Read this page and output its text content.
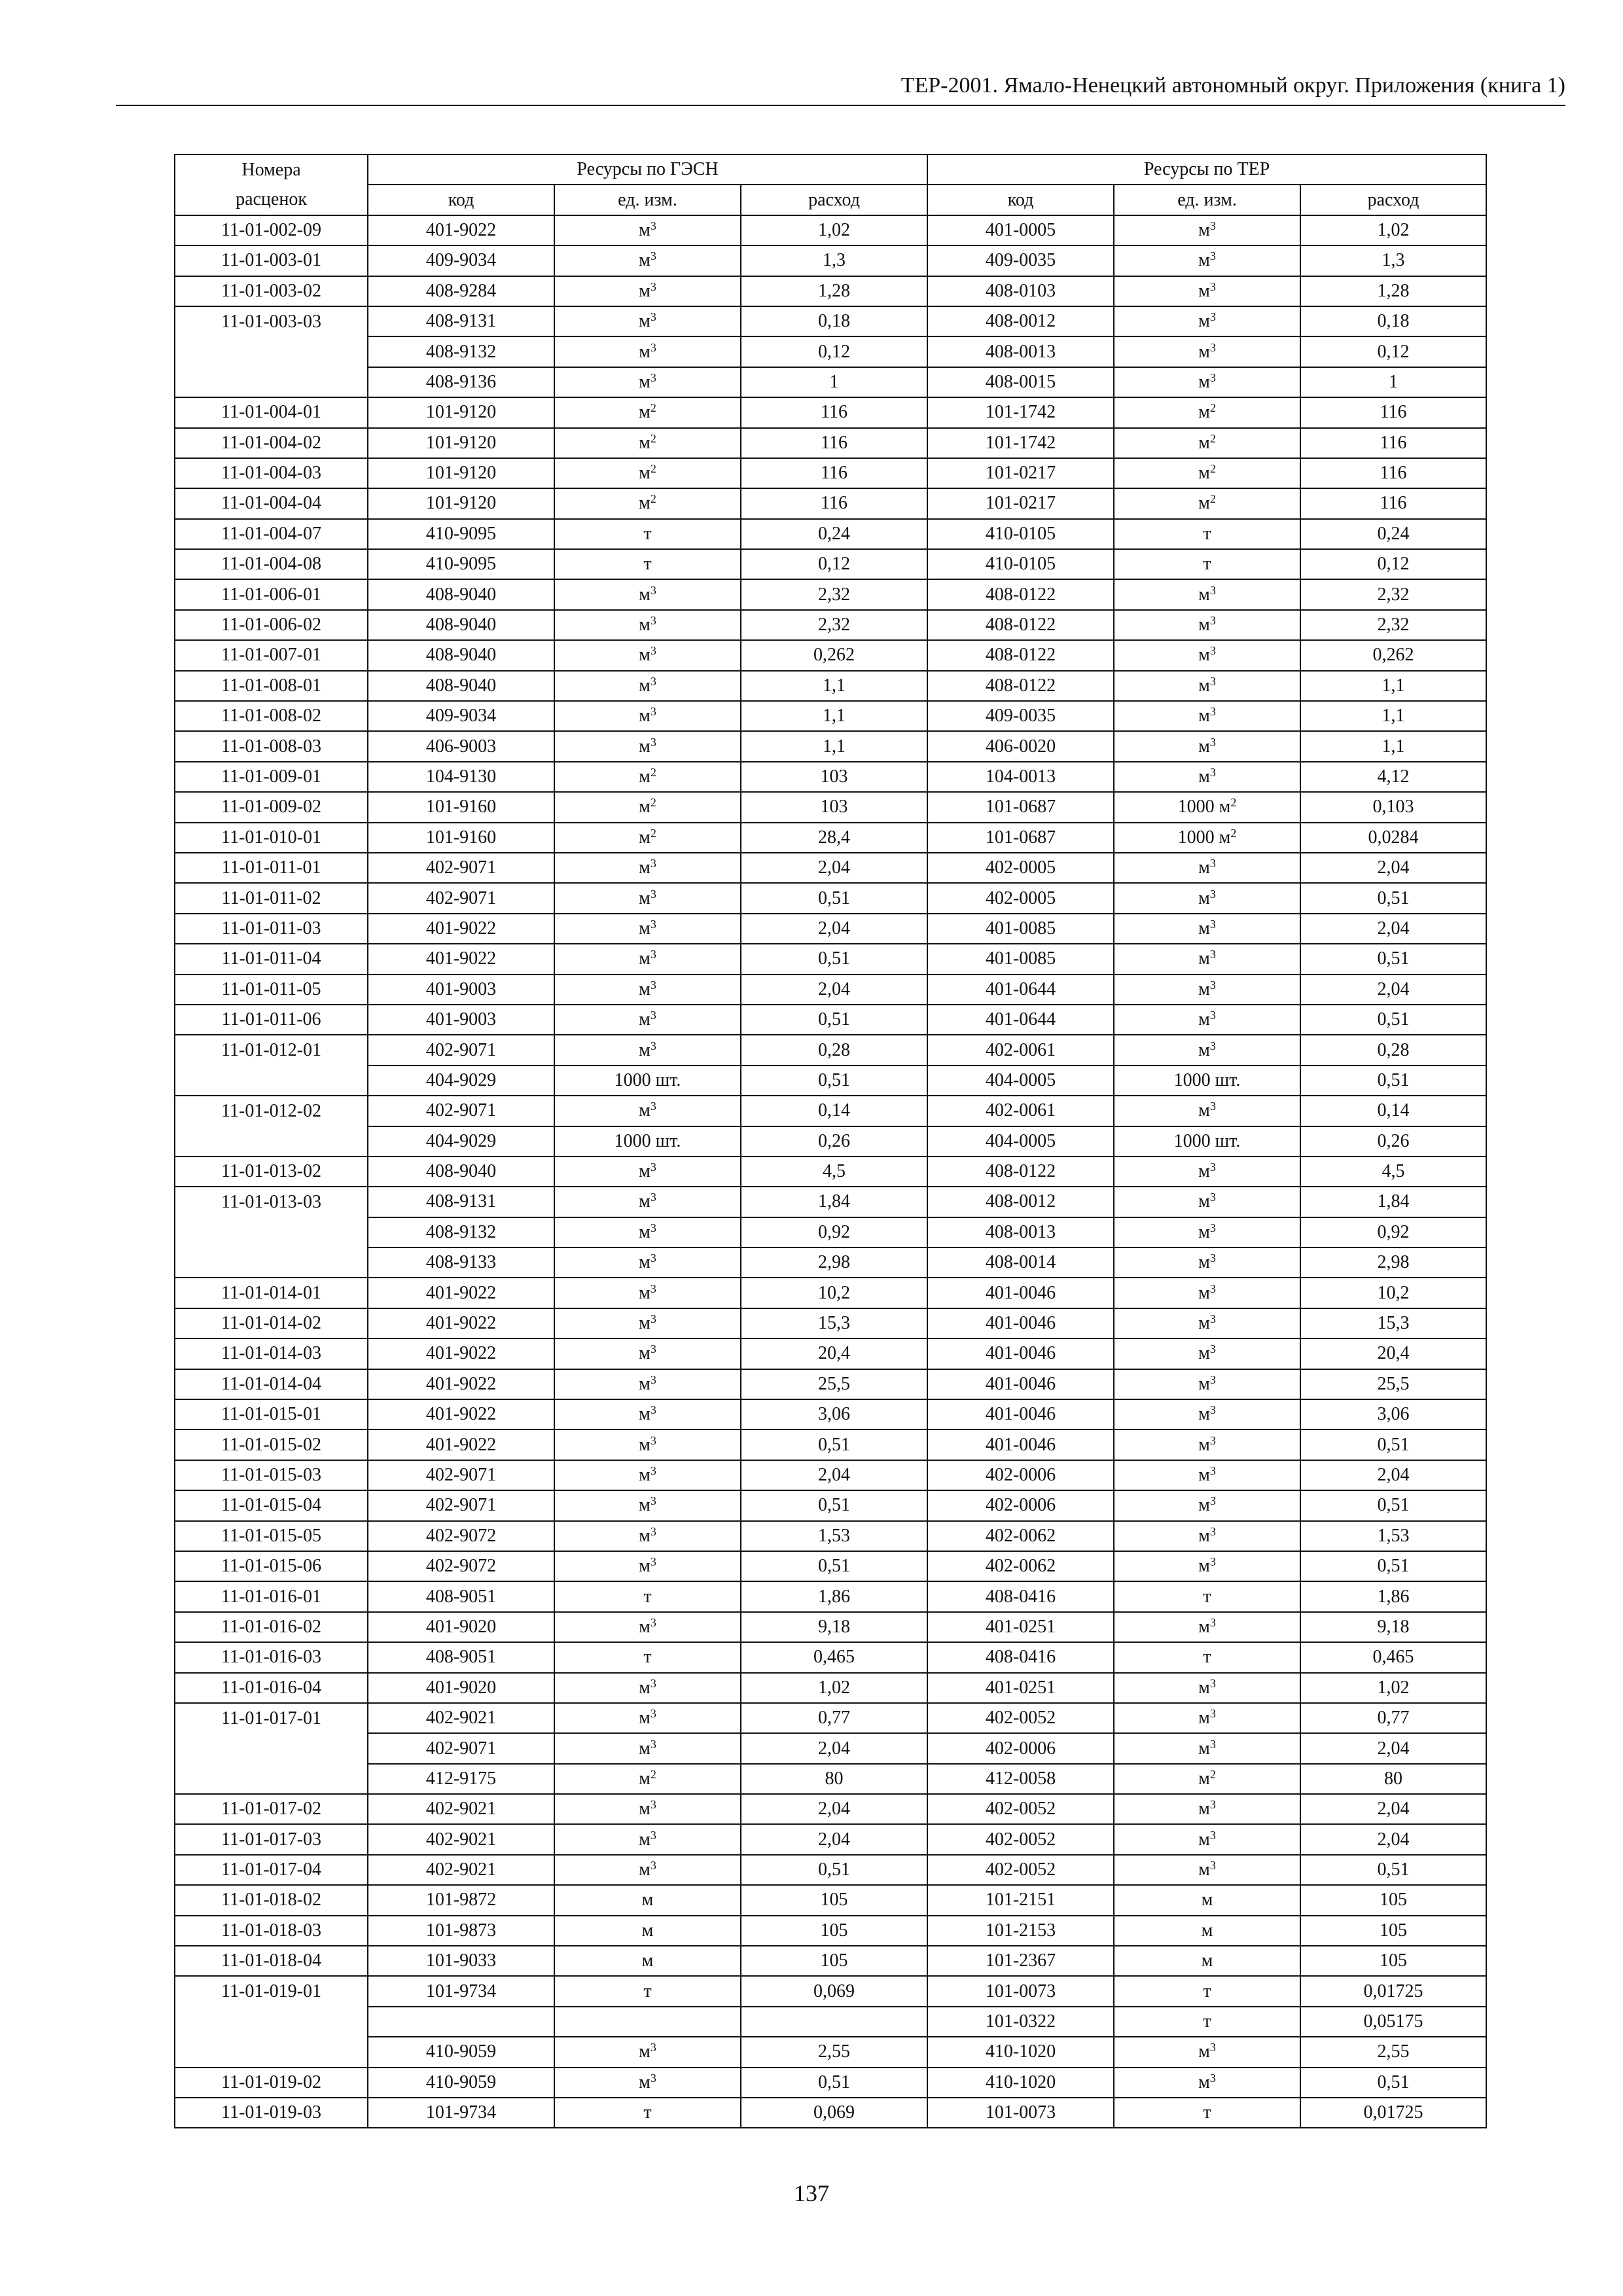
ТЕР-2001. Ямало-Ненецкий автономный округ. Приложения (книга 1)
Номера	Ресурсы по ГЭСН			Ресурсы по ТЕР		
расценок	код	ед. изм.	расход	код	ед. изм.	расход
11-01-002-09	401-9022	$м^3$	1,02	401-0005	$м^3$	1,02
11-01-003-01	409-9034	$м^3$	1,3	409-0035	$м^3$	1,3
11-01-003-02	408-9284	$м^3$	1,28	408-0103	$м^3$	1,28
11-01-003-03	408-9131	$м^3$	0,18	408-0012	$м^3$	0,18
	408-9132	$м^3$	0,12	408-0013	$м^3$	0,12
	408-9136	$м^3$	1	408-0015	$м^3$	1
11-01-004-01	101-9120	$м^2$	116	101-1742	$м^2$	116
11-01-004-02	101-9120	$м^2$	116	101-1742	$м^2$	116
11-01-004-03	101-9120	$м^2$	116	101-0217	$м^2$	116
11-01-004-04	101-9120	$м^2$	116	101-0217	$м^2$	116
11-01-004-07	410-9095	т	0,24	410-0105	т	0,24
11-01-004-08	410-9095	т	0,12	410-0105	т	0,12
11-01-006-01	408-9040	$м^3$	2,32	408-0122	$м^3$	2,32
11-01-006-02	408-9040	$м^3$	2,32	408-0122	$м^3$	2,32
11-01-007-01	408-9040	$м^3$	0,262	408-0122	$м^3$	0,262
11-01-008-01	408-9040	$м^3$	1,1	408-0122	$м^3$	1,1
11-01-008-02	409-9034	$м^3$	1,1	409-0035	$м^3$	1,1
11-01-008-03	406-9003	$м^3$	1,1	406-0020	$м^3$	1,1
11-01-009-01	104-9130	$м^2$	103	104-0013	$м^3$	4,12
11-01-009-02	101-9160	$м^2$	103	101-0687	1000 $м^2$	0,103
11-01-010-01	101-9160	$м^2$	28,4	101-0687	1000 $м^2$	0,0284
11-01-011-01	402-9071	$м^3$	2,04	402-0005	$м^3$	2,04
11-01-011-02	402-9071	$м^3$	0,51	402-0005	$м^3$	0,51
11-01-011-03	401-9022	$м^3$	2,04	401-0085	$м^3$	2,04
11-01-011-04	401-9022	$м^3$	0,51	401-0085	$м^3$	0,51
11-01-011-05	401-9003	$м^3$	2,04	401-0644	$м^3$	2,04
11-01-011-06	401-9003	$м^3$	0,51	401-0644	$м^3$	0,51
11-01-012-01	402-9071	$м^3$	0,28	402-0061	$м^3$	0,28
	404-9029	1000 шт.	0,51	404-0005	1000 шт.	0,51
11-01-012-02	402-9071	$м^3$	0,14	402-0061	$м^3$	0,14
	404-9029	1000 шт.	0,26	404-0005	1000 шт.	0,26
11-01-013-02	408-9040	$м^3$	4,5	408-0122	$м^3$	4,5
11-01-013-03	408-9131	$м^3$	1,84	408-0012	$м^3$	1,84
	408-9132	$м^3$	0,92	408-0013	$м^3$	0,92
	408-9133	$м^3$	2,98	408-0014	$м^3$	2,98
11-01-014-01	401-9022	$м^3$	10,2	401-0046	$м^3$	10,2
11-01-014-02	401-9022	$м^3$	15,3	401-0046	$м^3$	15,3
11-01-014-03	401-9022	$м^3$	20,4	401-0046	$м^3$	20,4
11-01-014-04	401-9022	$м^3$	25,5	401-0046	$м^3$	25,5
11-01-015-01	401-9022	$м^3$	3,06	401-0046	$м^3$	3,06
11-01-015-02	401-9022	$м^3$	0,51	401-0046	$м^3$	0,51
11-01-015-03	402-9071	$м^3$	2,04	402-0006	$м^3$	2,04
11-01-015-04	402-9071	$м^3$	0,51	402-0006	$м^3$	0,51
11-01-015-05	402-9072	$м^3$	1,53	402-0062	$м^3$	1,53
11-01-015-06	402-9072	$м^3$	0,51	402-0062	$м^3$	0,51
11-01-016-01	408-9051	т	1,86	408-0416	т	1,86
11-01-016-02	401-9020	$м^3$	9,18	401-0251	$м^3$	9,18
11-01-016-03	408-9051	т	0,465	408-0416	т	0,465
11-01-016-04	401-9020	$м^3$	1,02	401-0251	$м^3$	1,02
11-01-017-01	402-9021	$м^3$	0,77	402-0052	$м^3$	0,77
	402-9071	$м^3$	2,04	402-0006	$м^3$	2,04
	412-9175	$м^2$	80	412-0058	$м^2$	80
11-01-017-02	402-9021	$м^3$	2,04	402-0052	$м^3$	2,04
11-01-017-03	402-9021	$м^3$	2,04	402-0052	$м^3$	2,04
11-01-017-04	402-9021	$м^3$	0,51	402-0052	$м^3$	0,51
11-01-018-02	101-9872	м	105	101-2151	м	105
11-01-018-03	101-9873	м	105	101-2153	м	105
11-01-018-04	101-9033	м	105	101-2367	м	105
11-01-019-01	101-9734	т	0,069	101-0073	т	0,01725
				101-0322	т	0,05175
	410-9059	$м^3$	2,55	410-1020	$м^3$	2,55
11-01-019-02	410-9059	$м^3$	0,51	410-1020	$м^3$	0,51
11-01-019-03	101-9734	т	0,069	101-0073	т	0,01725
137
